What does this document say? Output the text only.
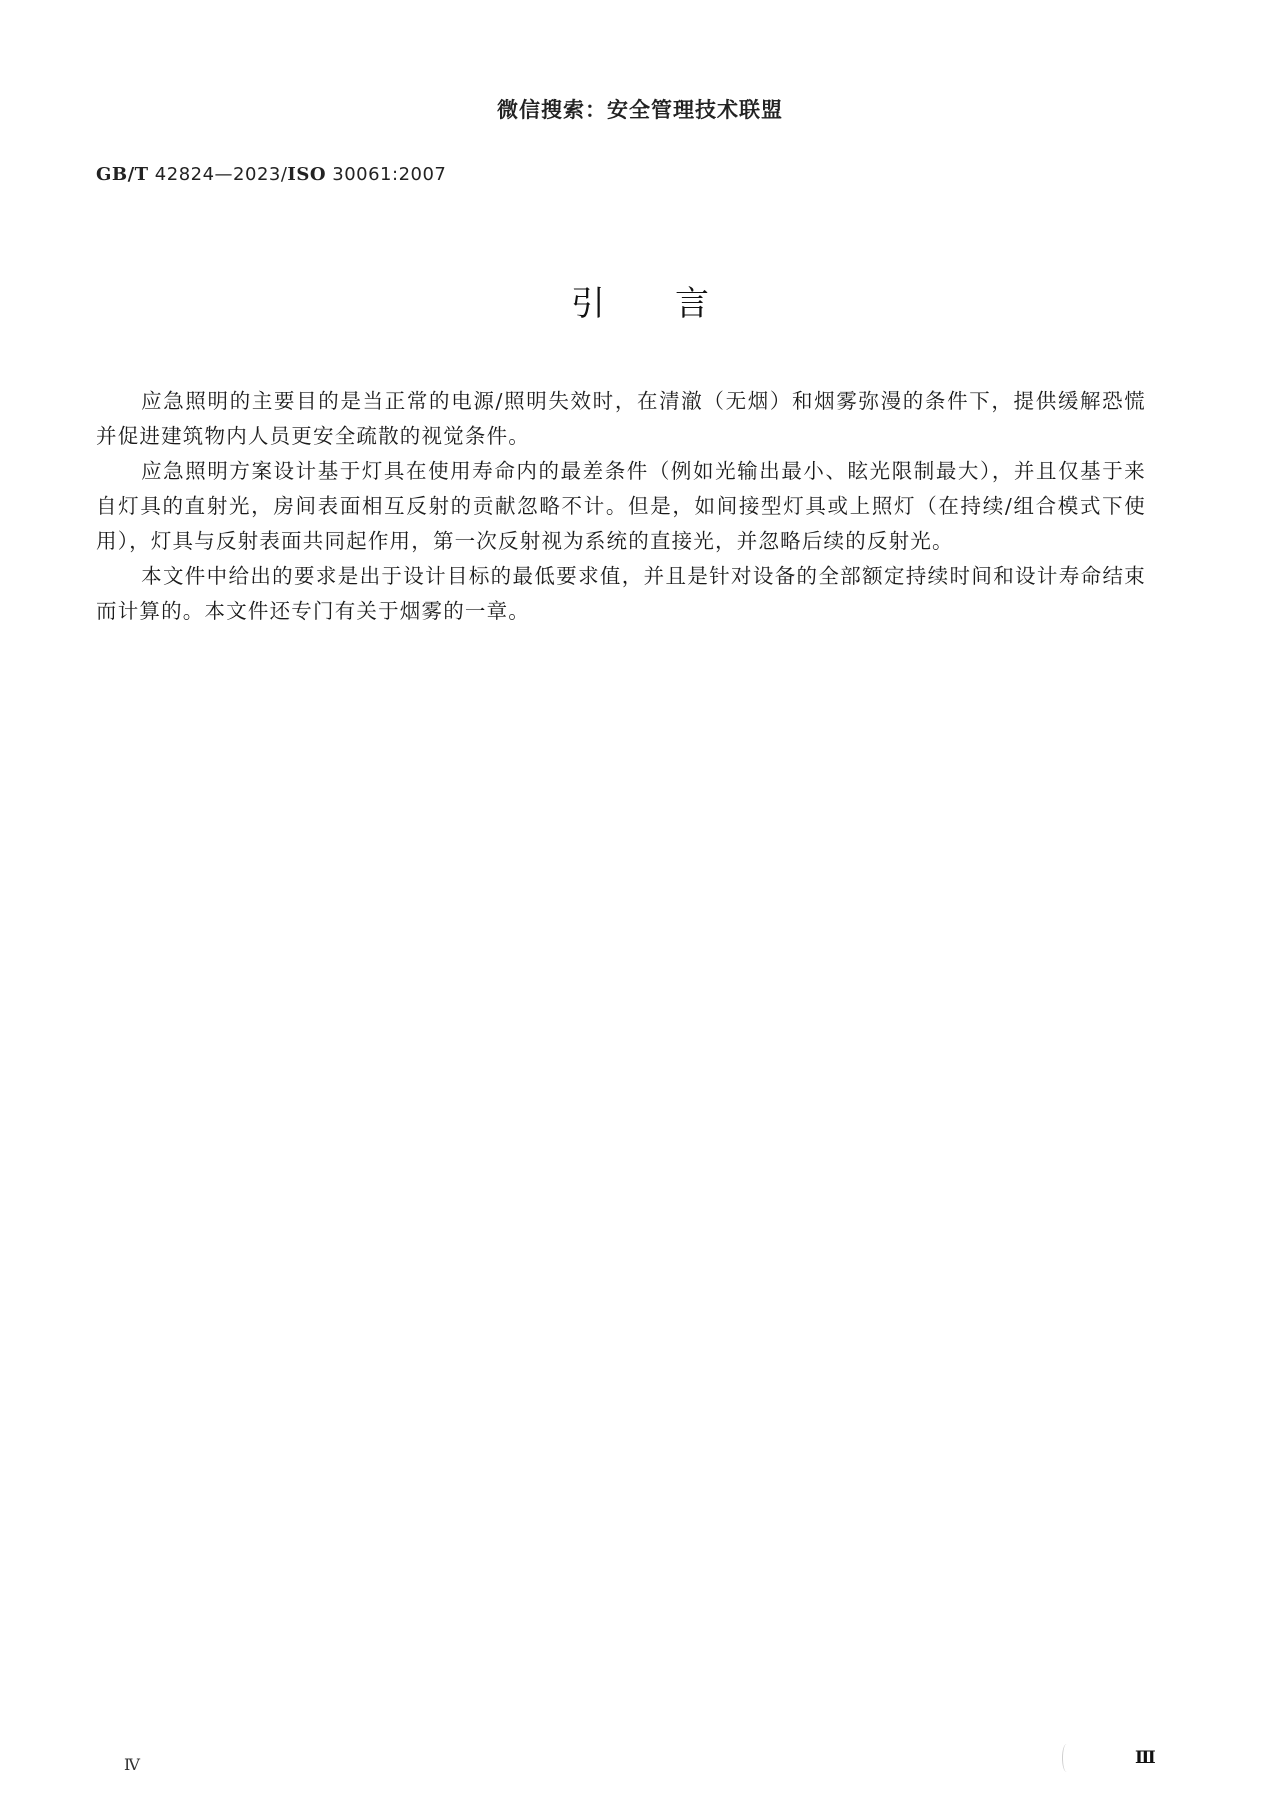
微信搜索：安全管理技术联盟
GB/T 42824—2023/ISO 30061:2007
引 言

应急照明的主要目的是当正常的电源/照明失效时，在清澈（无烟）和烟雾弥漫的条件下，提供缓解恐慌并促进建筑物内人员更安全疏散的视觉条件。

应急照明方案设计基于灯具在使用寿命内的最差条件（例如光输出最小、眩光限制最大），并且仅基于来自灯具的直射光，房间表面相互反射的贡献忽略不计。但是，如间接型灯具或上照灯（在持续/组合模式下使用），灯具与反射表面共同起作用，第一次反射视为系统的直接光，并忽略后续的反射光。

本文件中给出的要求是出于设计目标的最低要求值，并且是针对设备的全部额定持续时间和设计寿命结束而计算的。本文件还专门有关于烟雾的一章。

Ⅳ	Ⅲ
